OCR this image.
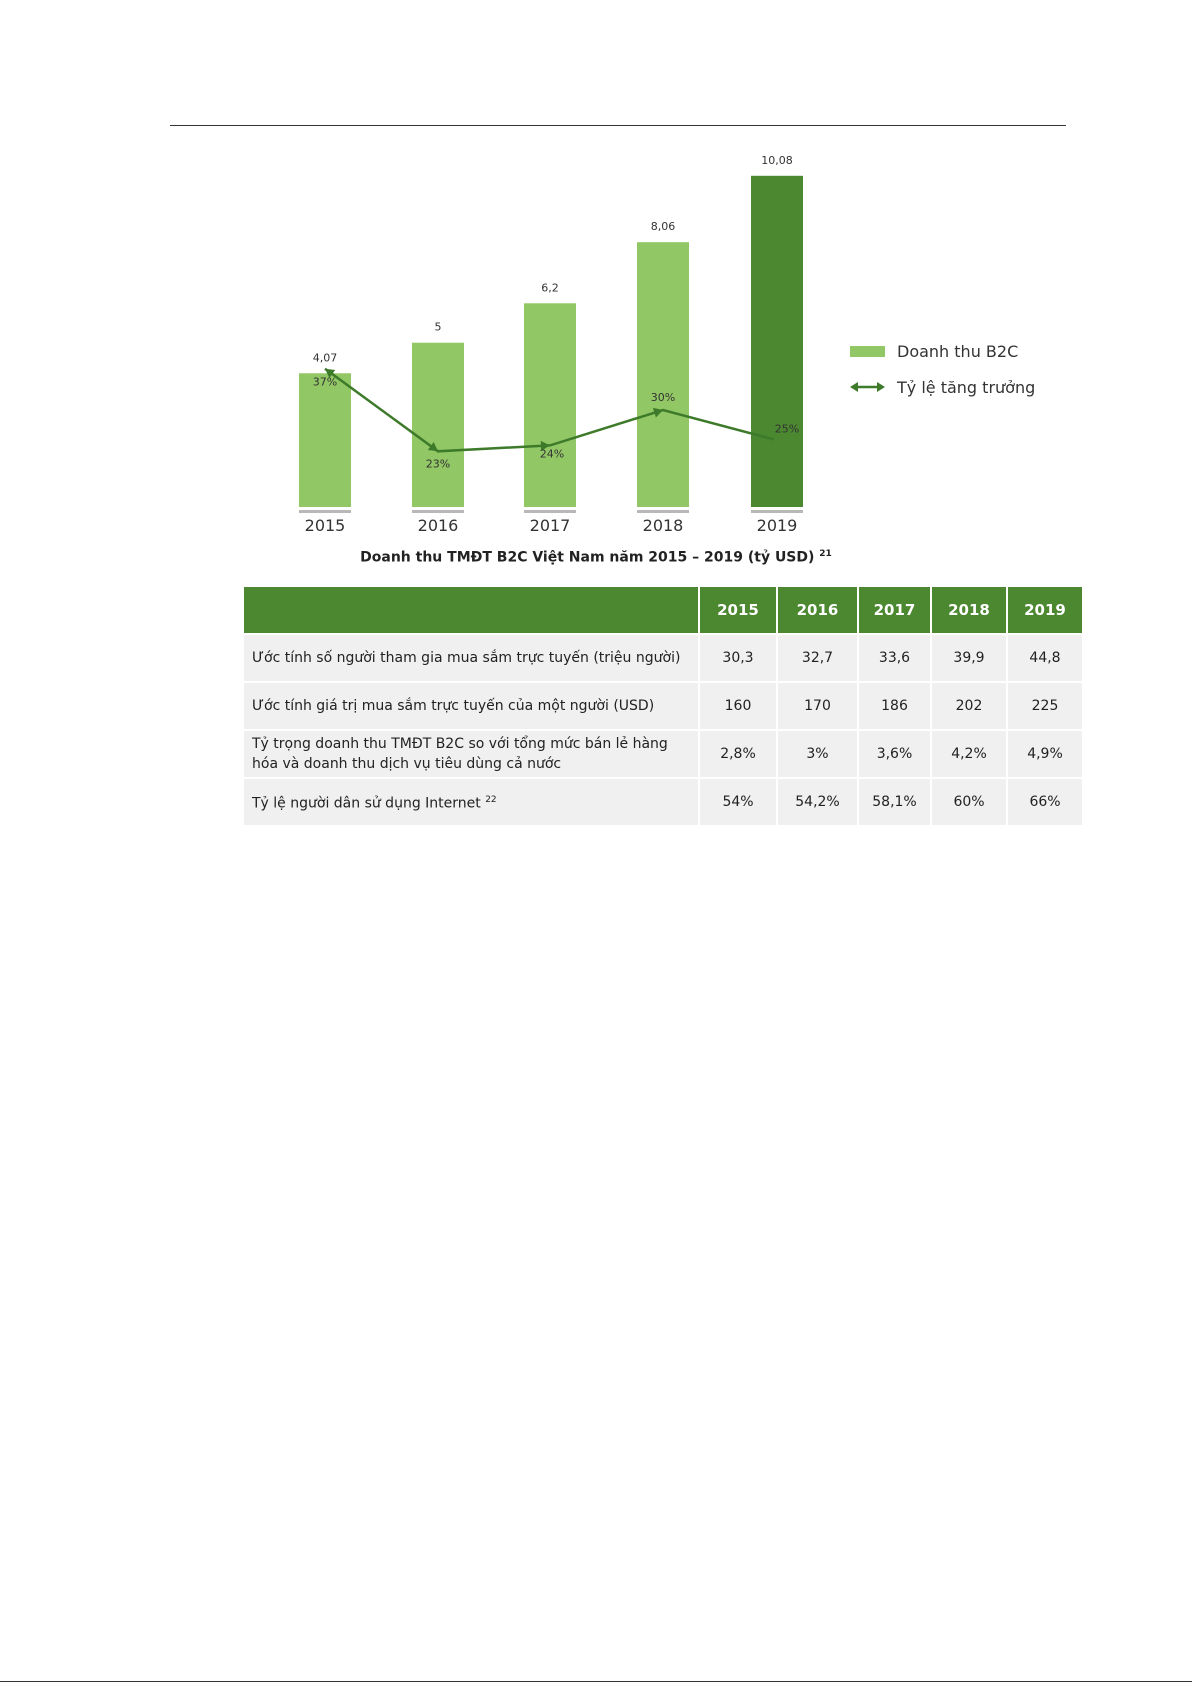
4,07
2015
5
2016
6,2
2017
8,06
2018
10,08
2019
37%
23%
24%
30%
25%
Doanh thu B2C
Tỷ lệ tăng trưởng
Doanh thu TMĐT B2C Việt Nam năm 2015 – 2019 (tỷ USD) $^{21}$
	2015	2016	2017	2018	2019
Ước tính số người tham gia mua sắm trực tuyến (triệu người)	30,3	32,7	33,6	39,9	44,8
Ước tính giá trị mua sắm trực tuyến của một người (USD)	160	170	186	202	225
Tỷ trọng doanh thu TMĐT B2C so với tổng mức bán lẻ hàng hóa và doanh thu dịch vụ tiêu dùng cả nước	2,8%	3%	3,6%	4,2%	4,9%
Tỷ lệ người dân sử dụng Internet $^{22}$	54%	54,2%	58,1%	60%	66%
